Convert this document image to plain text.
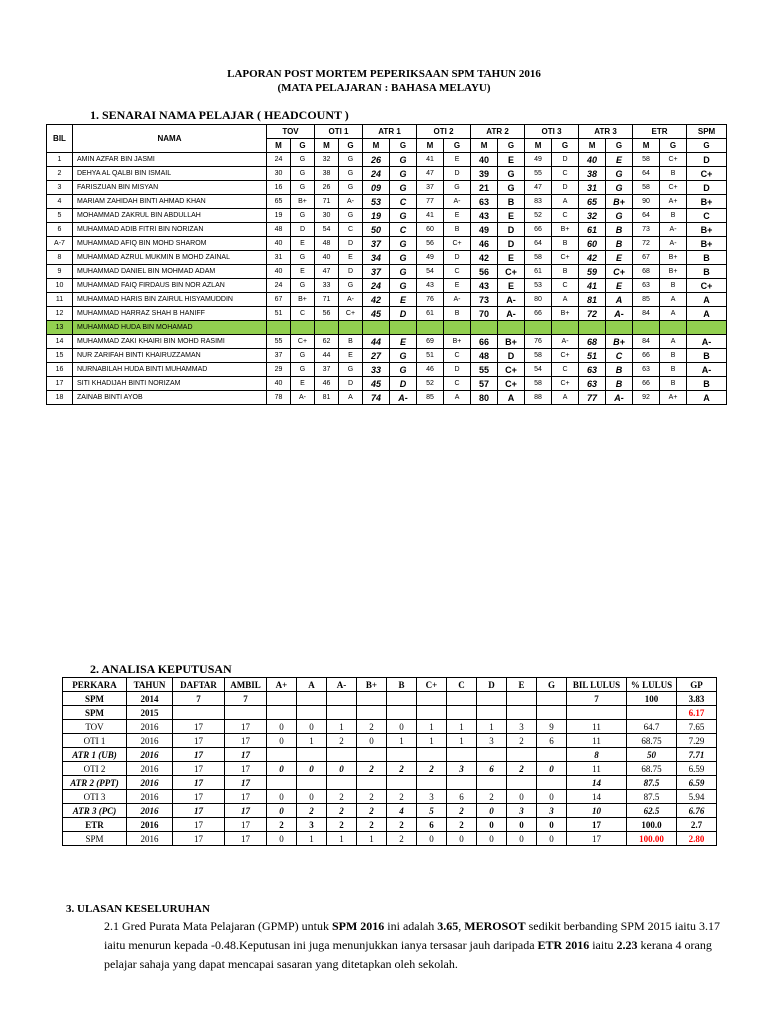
LAPORAN POST MORTEM PEPERIKSAAN SPM TAHUN 2016
(MATA PELAJARAN : BAHASA MELAYU)
1. SENARAI NAMA PELAJAR ( HEADCOUNT )
BIL	NAMA	TOV		OTI 1		ATR 1		OTI 2		ATR 2		OTI 3		ATR 3		ETR		SPM
		M	G	M	G	M	G	M	G	M	G	M	G	M	G	M	G	G
1	AMIN AZFAR BIN JASMI	24	G	32	G	26	G	41	E	40	E	49	D	40	E	58	C+	D
2	DEHYA AL QALBI BIN ISMAIL	30	G	38	G	24	G	47	D	39	G	55	C	38	G	64	B	C+
3	FARISZUAN BIN MISYAN	16	G	26	G	09	G	37	G	21	G	47	D	31	G	58	C+	D
4	MARIAM ZAHIDAH BINTI AHMAD KHAN	65	B+	71	A-	53	C	77	A-	63	B	83	A	65	B+	90	A+	B+
5	MOHAMMAD ZAKRUL BIN ABDULLAH	19	G	30	G	19	G	41	E	43	E	52	C	32	G	64	B	C
6	MUHAMMAD ADIB FITRI BIN NORIZAN	48	D	54	C	50	C	60	B	49	D	66	B+	61	B	73	A-	B+
A-7	MUHAMMAD AFIQ BIN MOHD SHAROM	40	E	48	D	37	G	56	C+	46	D	64	B	60	B	72	A-	B+
8	MUHAMMAD AZRUL MUKMIN B MOHD ZAINAL	31	G	40	E	34	G	49	D	42	E	58	C+	42	E	67	B+	B
9	MUHAMMAD DANIEL BIN MOHMAD ADAM	40	E	47	D	37	G	54	C	56	C+	61	B	59	C+	68	B+	B
10	MUHAMMAD FAIQ FIRDAUS BIN NOR AZLAN	24	G	33	G	24	G	43	E	43	E	53	C	41	E	63	B	C+
11	MUHAMMAD HARIS BIN ZAIRUL HISYAMUDDIN	67	B+	71	A-	42	E	76	A-	73	A-	80	A	81	A	85	A	A
12	MUHAMMAD HARRAZ SHAH B HANIFF	51	C	56	C+	45	D	61	B	70	A-	66	B+	72	A-	84	A	A
13	MUHAMMAD HUDA BIN MOHAMAD																	
14	MUHAMMAD ZAKI KHAIRI BIN MOHD RASIMI	55	C+	62	B	44	E	69	B+	66	B+	76	A-	68	B+	84	A	A-
15	NUR ZARIFAH BINTI KHAIRUZZAMAN	37	G	44	E	27	G	51	C	48	D	58	C+	51	C	66	B	B
16	NURNABILAH HUDA BINTI MUHAMMAD	29	G	37	G	33	G	46	D	55	C+	54	C	63	B	63	B	A-
17	SITI KHADIJAH BINTI NORIZAM	40	E	46	D	45	D	52	C	57	C+	58	C+	63	B	66	B	B
18	ZAINAB BINTI AYOB	78	A-	81	A	74	A-	85	A	80	A	88	A	77	A-	92	A+	A
2. ANALISA KEPUTUSAN
PERKARA	TAHUN	DAFTAR	AMBIL	A+	A	A-	B+	B	C+	C	D	E	G	BIL LULUS	% LULUS	GP
SPM	2014	7	7											7	100	3.83
SPM	2015															6.17
TOV	2016	17	17	0	0	1	2	0	1	1	1	3	9	11	64.7	7.65
OTI 1	2016	17	17	0	1	2	0	1	1	1	3	2	6	11	68.75	7.29
ATR 1 (UB)	2016	17	17											8	50	7.71
OTI 2	2016	17	17	0	0	0	2	2	2	3	6	2	0	11	68.75	6.59
ATR 2 (PPT)	2016	17	17											14	87.5	6.59
OTI 3	2016	17	17	0	0	2	2	2	3	6	2	0	0	14	87.5	5.94
ATR 3 (PC)	2016	17	17	0	2	2	2	4	5	2	0	3	3	10	62.5	6.76
ETR	2016	17	17	2	3	2	2	2	6	2	0	0	0	17	100.0	2.7
SPM	2016	17	17	0	1	1	1	2	0	0	0	0	0	17	100.00	2.80
3. ULASAN KESELURUHAN
2.1 Gred Purata Mata Pelajaran (GPMP) untuk SPM 2016 ini adalah 3.65, MEROSOT sedikit berbanding SPM 2015 iaitu 3.17 iaitu menurun kepada -0.48.Keputusan ini juga menunjukkan ianya tersasar jauh daripada ETR 2016 iaitu 2.23 kerana 4 orang pelajar sahaja yang dapat mencapai sasaran yang ditetapkan oleh sekolah.
